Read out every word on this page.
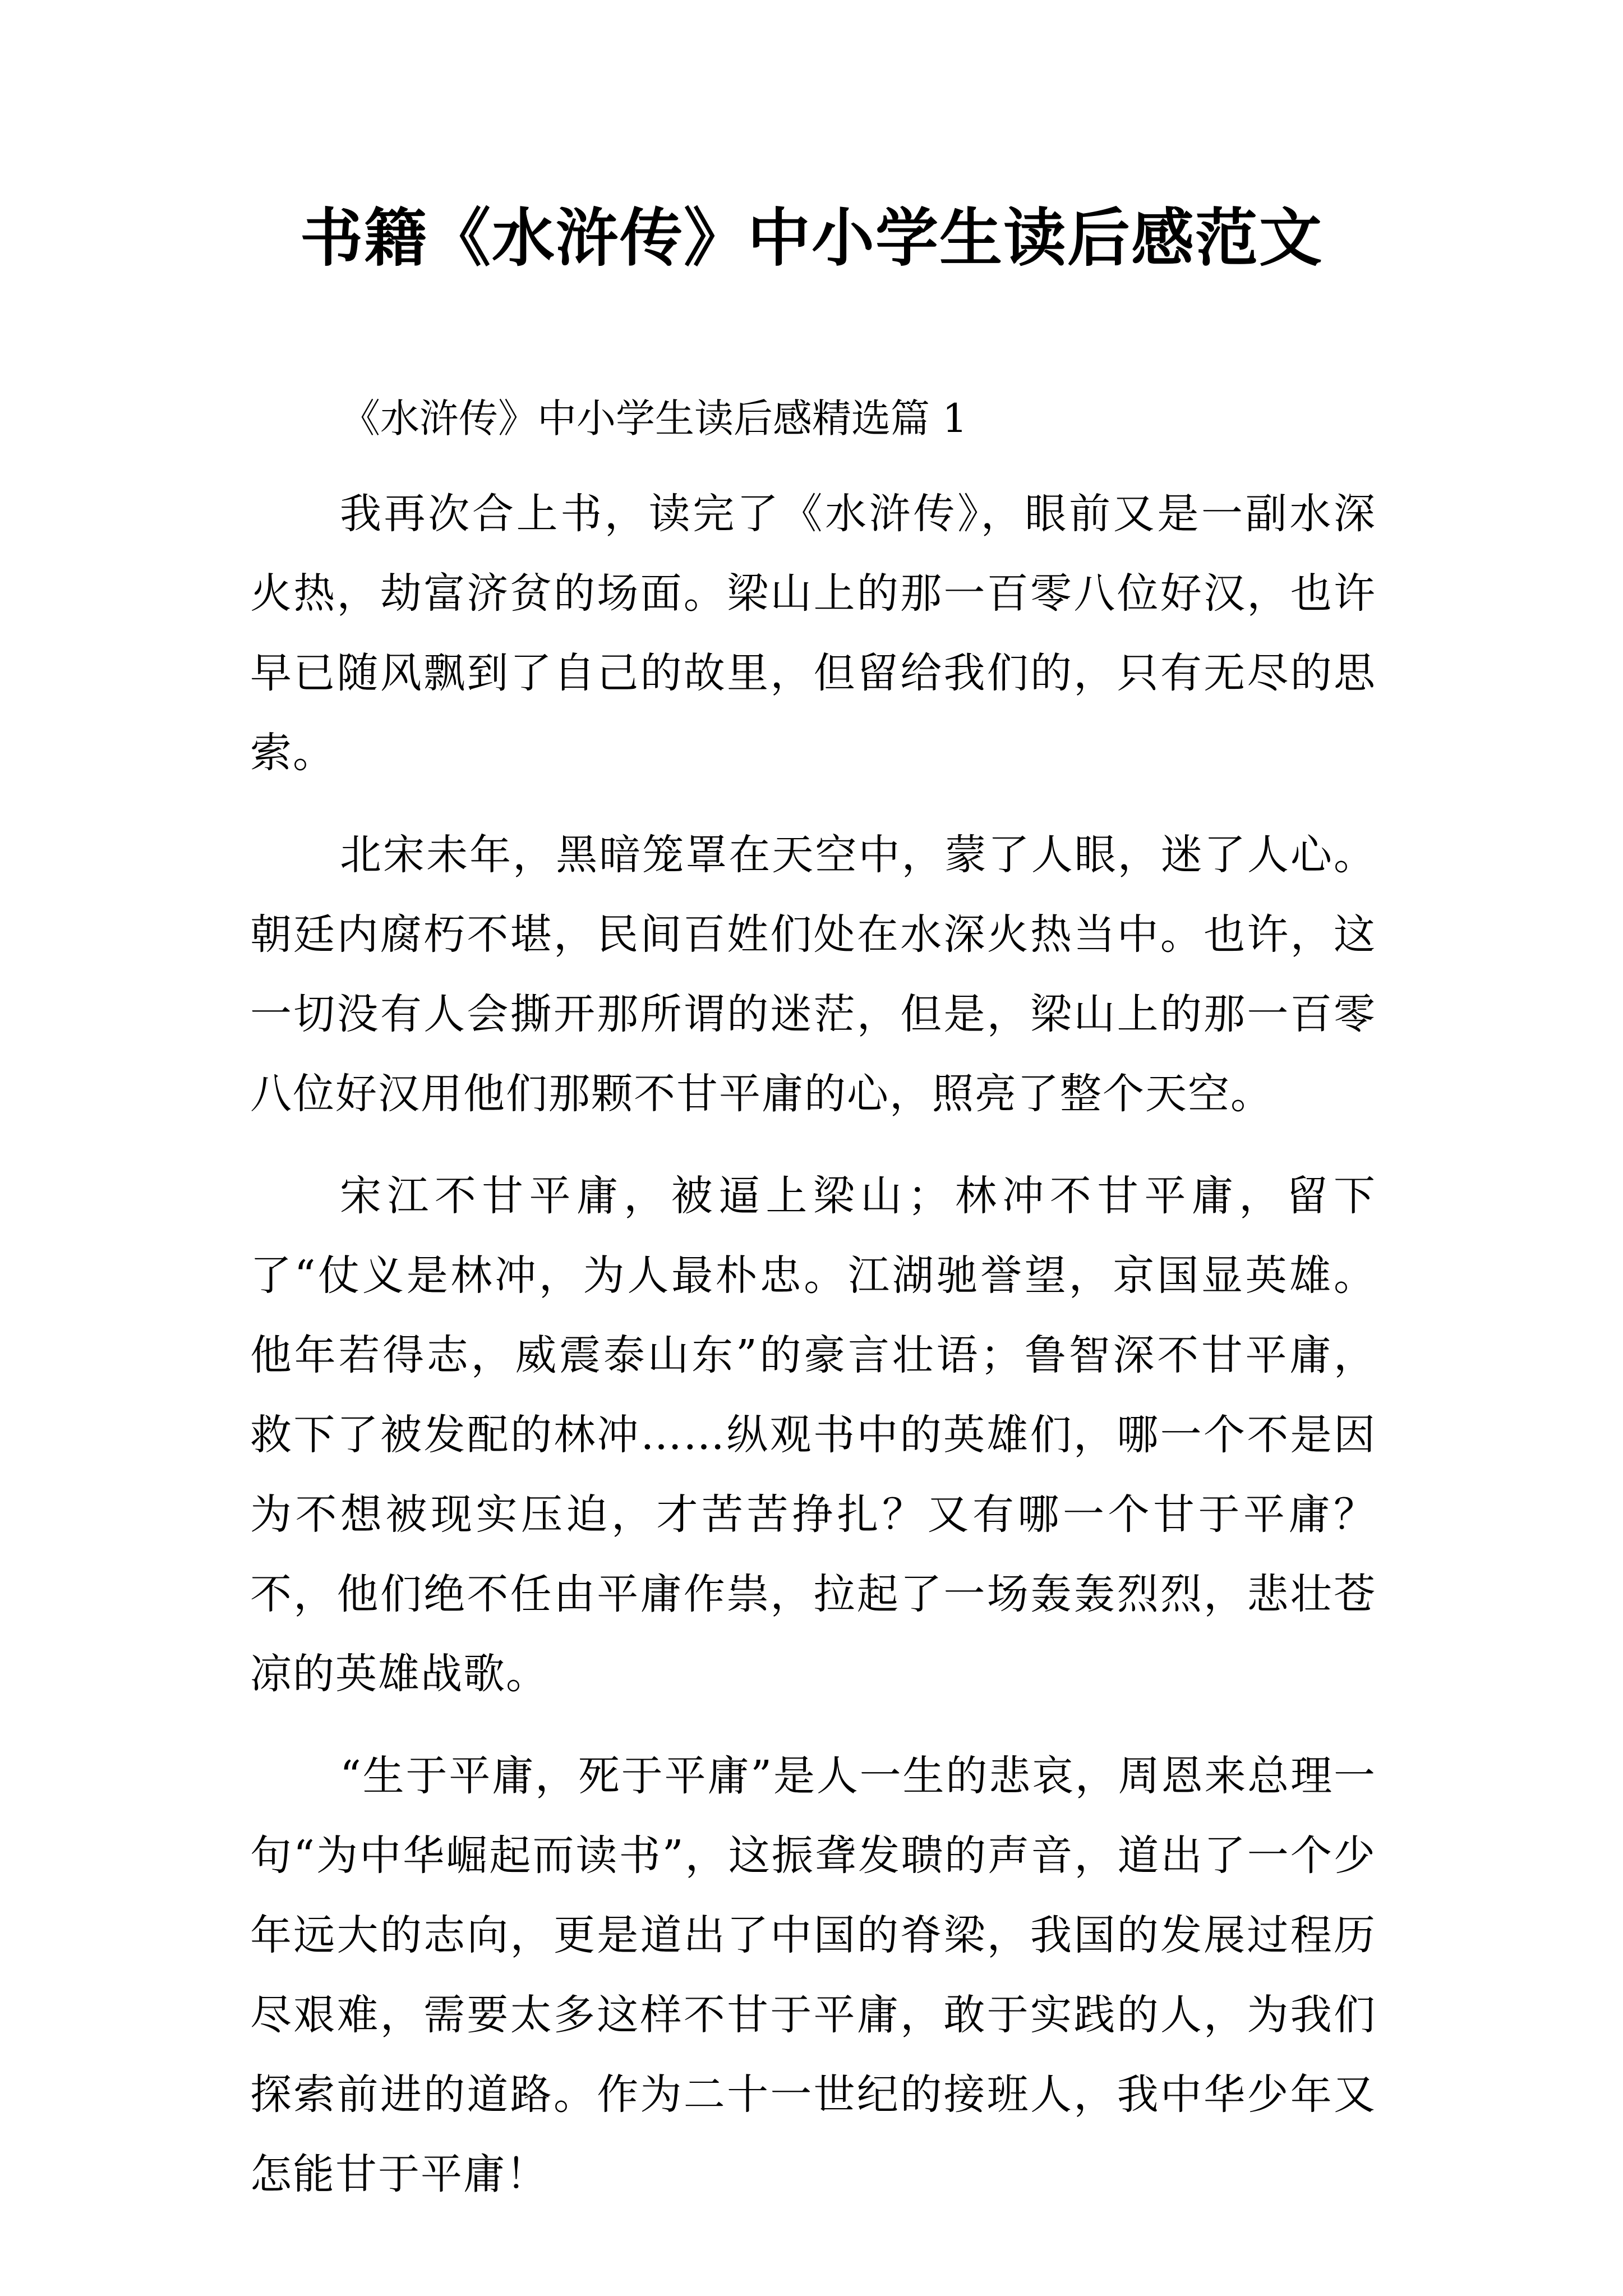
书籍《水浒传》中小学生读后感范文
《水浒传》中小学生读后感精选篇 1

我再次合上书，读完了《水浒传》，眼前又是一副水深火热，劫富济贫的场面。梁山上的那一百零八位好汉，也许早已随风飘到了自己的故里，但留给我们的，只有无尽的思索。

北宋未年，黑暗笼罩在天空中，蒙了人眼，迷了人心。朝廷内腐朽不堪，民间百姓们处在水深火热当中。也许，这一切没有人会撕开那所谓的迷茫，但是，梁山上的那一百零八位好汉用他们那颗不甘平庸的心，照亮了整个天空。

宋江不甘平庸，被逼上梁山；林冲不甘平庸，留下了“仗义是林冲，为人最朴忠。江湖驰誉望，京国显英雄。他年若得志，威震泰山东”的豪言壮语；鲁智深不甘平庸，救下了被发配的林冲……纵观书中的英雄们，哪一个不是因为不想被现实压迫，才苦苦挣扎？又有哪一个甘于平庸？不，他们绝不任由平庸作祟，拉起了一场轰轰烈烈，悲壮苍凉的英雄战歌。

“生于平庸，死于平庸”是人一生的悲哀，周恩来总理一句“为中华崛起而读书”，这振聋发聩的声音，道出了一个少年远大的志向，更是道出了中国的脊梁，我国的发展过程历尽艰难，需要太多这样不甘于平庸，敢于实践的人，为我们探索前进的道路。作为二十一世纪的接班人，我中华少年又怎能甘于平庸！
